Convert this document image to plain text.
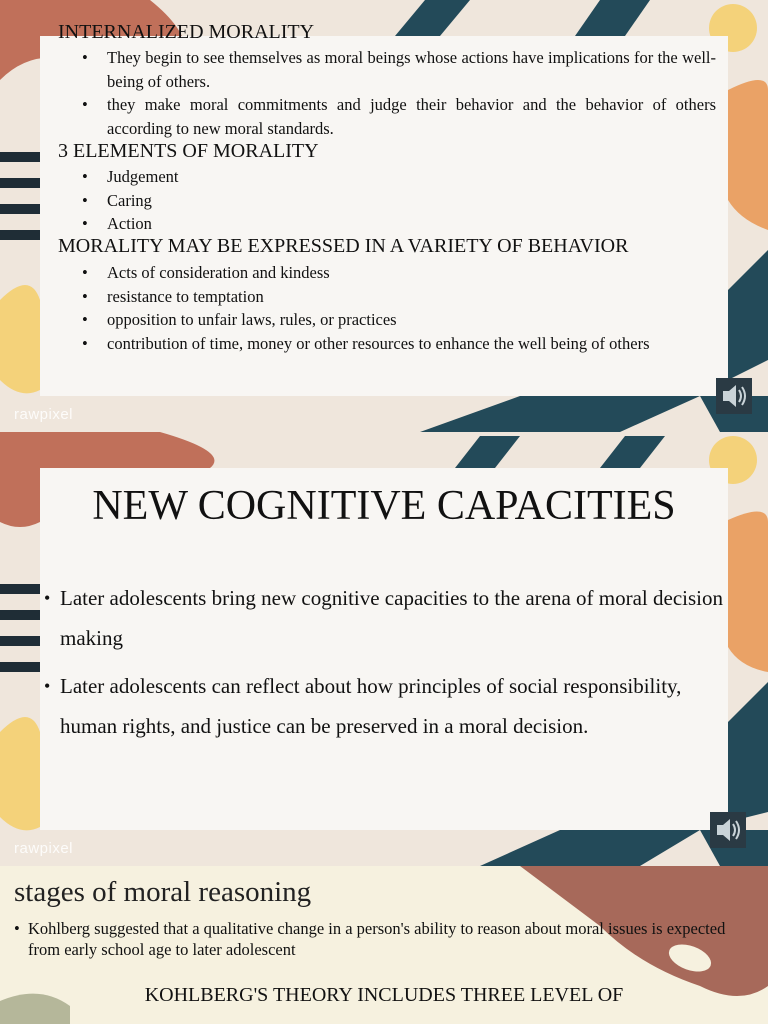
INTERNALIZED MORALITY
• They begin to see themselves as moral beings whose actions have implications for the well-being of others.
• they make moral commitments and judge their behavior and the behavior of others according to new moral standards.
3 ELEMENTS OF MORALITY
• Judgement
• Caring
• Action
MORALITY MAY BE EXPRESSED IN A VARIETY OF BEHAVIOR
• Acts of consideration and kindess
• resistance to temptation
• opposition to unfair laws, rules, or practices
• contribution of time, money or other resources to enhance the well being of others
rawpixel
NEW COGNITIVE CAPACITIES
• Later adolescents bring new cognitive capacities to the arena of moral decision making
• Later adolescents can reflect about how principles of social responsibility, human rights, and justice can be preserved in a moral decision.
rawpixel
stages of moral reasoning
• Kohlberg suggested that a qualitative change in a person's ability to reason about moral issues is expected from early school age to later adolescent
KOHLBERG'S THEORY INCLUDES THREE LEVEL OF
